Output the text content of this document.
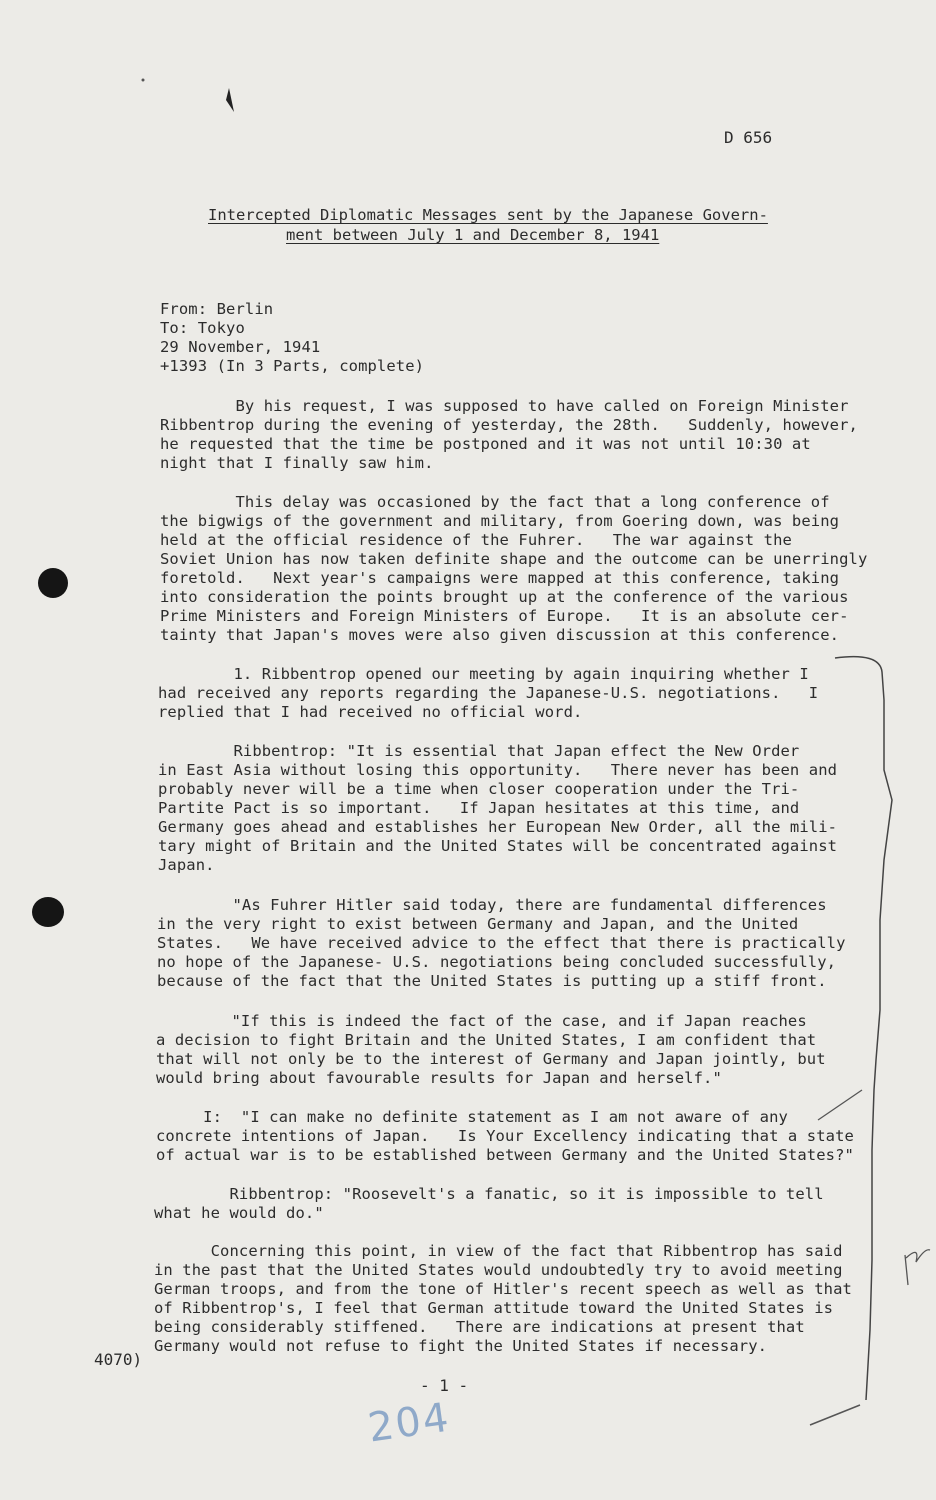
D 656
Intercepted Diplomatic Messages sent by the Japanese Govern-
ment between July 1 and December 8, 1941
From: Berlin
To: Tokyo
29 November, 1941
+1393 (In 3 Parts, complete)
By his request, I was supposed to have called on Foreign Minister
Ribbentrop during the evening of yesterday, the 28th.   Suddenly, however,
he requested that the time be postponed and it was not until 10:30 at
night that I finally saw him.
This delay was occasioned by the fact that a long conference of
the bigwigs of the government and military, from Goering down, was being
held at the official residence of the Fuhrer.   The war against the
Soviet Union has now taken definite shape and the outcome can be unerringly
foretold.   Next year's campaigns were mapped at this conference, taking
into consideration the points brought up at the conference of the various
Prime Ministers and Foreign Ministers of Europe.   It is an absolute cer-
tainty that Japan's moves were also given discussion at this conference.
1. Ribbentrop opened our meeting by again inquiring whether I
had received any reports regarding the Japanese-U.S. negotiations.   I
replied that I had received no official word.
Ribbentrop: "It is essential that Japan effect the New Order
in East Asia without losing this opportunity.   There never has been and
probably never will be a time when closer cooperation under the Tri-
Partite Pact is so important.   If Japan hesitates at this time, and
Germany goes ahead and establishes her European New Order, all the mili-
tary might of Britain and the United States will be concentrated against
Japan.
"As Fuhrer Hitler said today, there are fundamental differences
in the very right to exist between Germany and Japan, and the United
States.   We have received advice to the effect that there is practically
no hope of the Japanese- U.S. negotiations being concluded successfully,
because of the fact that the United States is putting up a stiff front.
"If this is indeed the fact of the case, and if Japan reaches
a decision to fight Britain and the United States, I am confident that
that will not only be to the interest of Germany and Japan jointly, but
would bring about favourable results for Japan and herself."
I:  "I can make no definite statement as I am not aware of any
concrete intentions of Japan.   Is Your Excellency indicating that a state
of actual war is to be established between Germany and the United States?"
Ribbentrop: "Roosevelt's a fanatic, so it is impossible to tell
what he would do."
Concerning this point, in view of the fact that Ribbentrop has said
in the past that the United States would undoubtedly try to avoid meeting
German troops, and from the tone of Hitler's recent speech as well as that
of Ribbentrop's, I feel that German attitude toward the United States is
being considerably stiffened.   There are indications at present that
Germany would not refuse to fight the United States if necessary.
4070)
- 1 -
204
